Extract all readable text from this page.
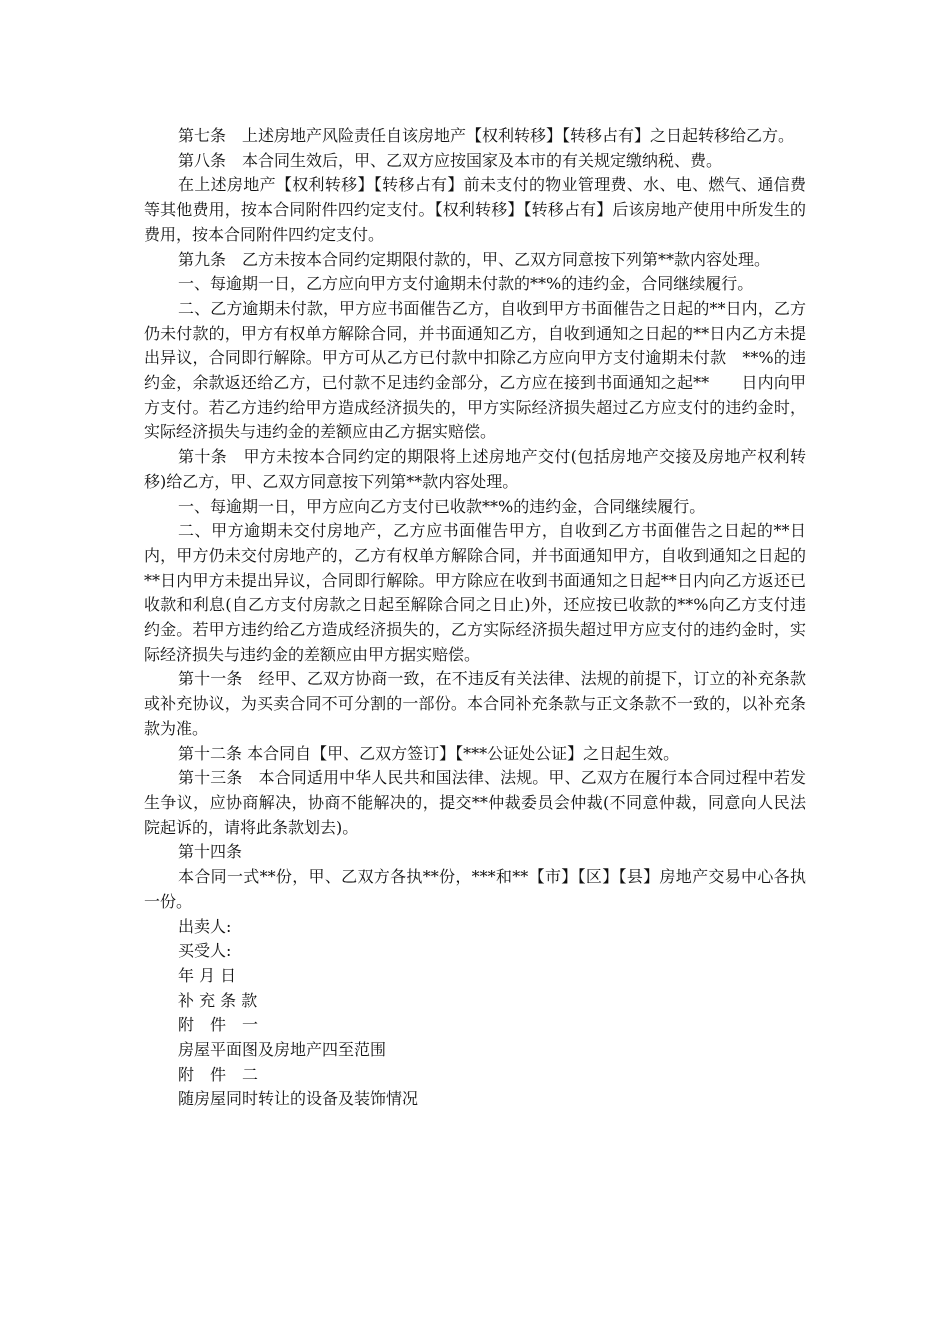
第七条　上述房地产风险责任自该房地产【权利转移】【转移占有】之日起转移给乙方。

第八条　本合同生效后，甲、乙双方应按国家及本市的有关规定缴纳税、费。

在上述房地产【权利转移】【转移占有】前未支付的物业管理费、水、电、燃气、通信费等其他费用，按本合同附件四约定支付。【权利转移】【转移占有】后该房地产使用中所发生的费用，按本合同附件四约定支付。

第九条　乙方未按本合同约定期限付款的，甲、乙双方同意按下列第**款内容处理。

一、每逾期一日，乙方应向甲方支付逾期未付款的**%的违约金，合同继续履行。

二、乙方逾期未付款，甲方应书面催告乙方，自收到甲方书面催告之日起的**日内，乙方仍未付款的，甲方有权单方解除合同，并书面通知乙方，自收到通知之日起的**日内乙方未提出异议，合同即行解除。甲方可从乙方已付款中扣除乙方应向甲方支付逾期未付款　**%的违约金，余款返还给乙方，已付款不足违约金部分，乙方应在接到书面通知之起**　　日内向甲方支付。若乙方违约给甲方造成经济损失的，甲方实际经济损失超过乙方应支付的违约金时，实际经济损失与违约金的差额应由乙方据实赔偿。

第十条　甲方未按本合同约定的期限将上述房地产交付(包括房地产交接及房地产权利转移)给乙方，甲、乙双方同意按下列第**款内容处理。

一、每逾期一日，甲方应向乙方支付已收款**%的违约金，合同继续履行。

二、甲方逾期未交付房地产，乙方应书面催告甲方，自收到乙方书面催告之日起的**日内，甲方仍未交付房地产的，乙方有权单方解除合同，并书面通知甲方，自收到通知之日起的**日内甲方未提出异议，合同即行解除。甲方除应在收到书面通知之日起**日内向乙方返还已收款和利息(自乙方支付房款之日起至解除合同之日止)外，还应按已收款的**%向乙方支付违约金。若甲方违约给乙方造成经济损失的，乙方实际经济损失超过甲方应支付的违约金时，实际经济损失与违约金的差额应由甲方据实赔偿。

第十一条　经甲、乙双方协商一致，在不违反有关法律、法规的前提下，订立的补充条款或补充协议，为买卖合同不可分割的一部份。本合同补充条款与正文条款不一致的，以补充条款为准。

第十二条 本合同自【甲、乙双方签订】【***公证处公证】之日起生效。

第十三条　本合同适用中华人民共和国法律、法规。甲、乙双方在履行本合同过程中若发生争议，应协商解决，协商不能解决的，提交**仲裁委员会仲裁(不同意仲裁，同意向人民法院起诉的，请将此条款划去)。

第十四条

本合同一式**份，甲、乙双方各执**份，***和**【市】【区】【县】房地产交易中心各执一份。

出卖人:

买受人:

年 月 日

补 充 条 款

附　件　一

房屋平面图及房地产四至范围

附　件　二

随房屋同时转让的设备及装饰情况
